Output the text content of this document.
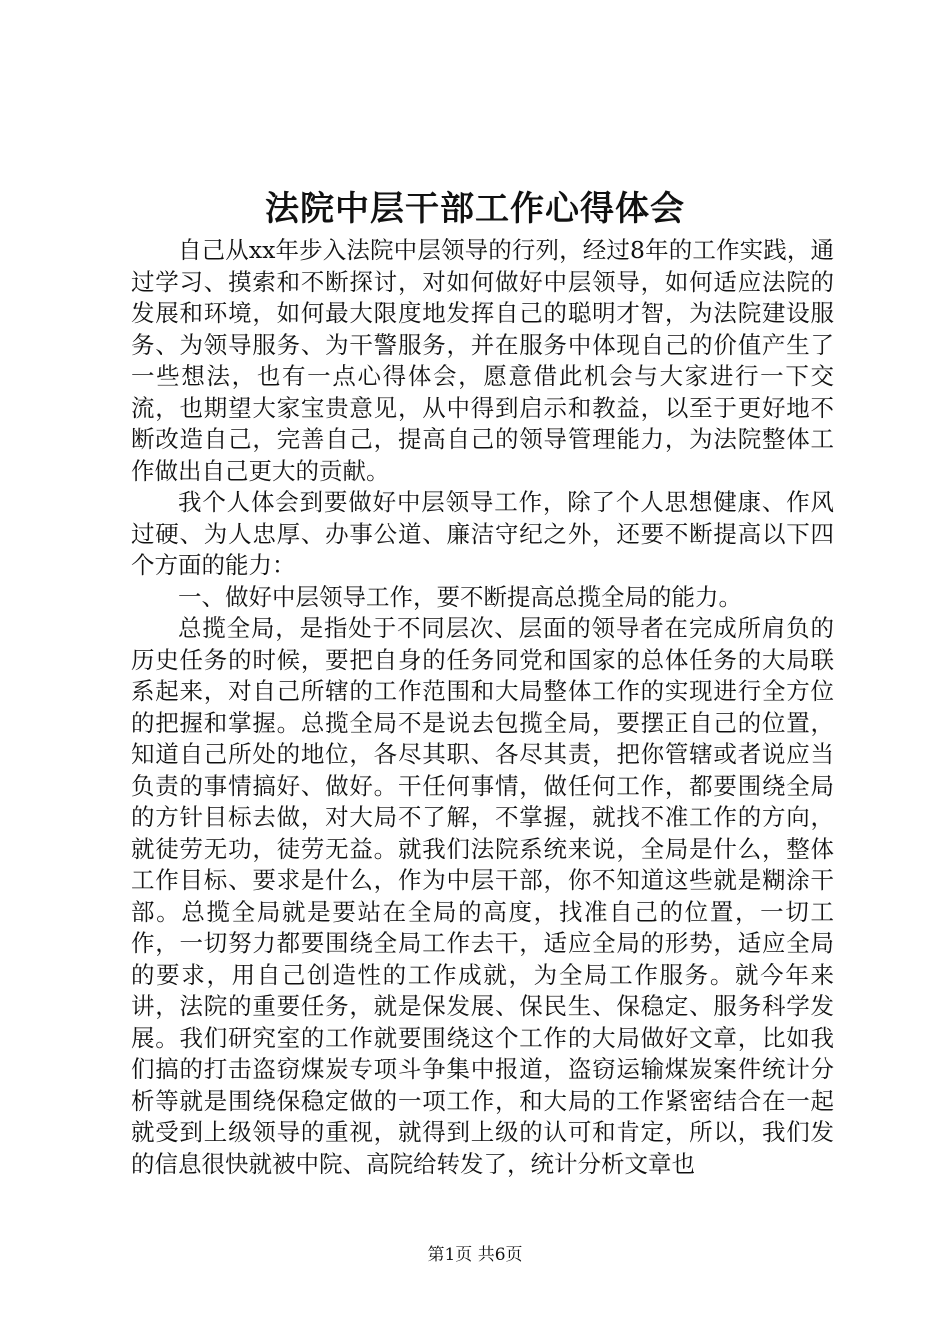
法院中层干部工作心得体会

自己从xx年步入法院中层领导的行列，经过8年的工作实践，通过学习、摸索和不断探讨，对如何做好中层领导，如何适应法院的发展和环境，如何最大限度地发挥自己的聪明才智，为法院建设服务、为领导服务、为干警服务，并在服务中体现自己的价值产生了一些想法，也有一点心得体会，愿意借此机会与大家进行一下交流，也期望大家宝贵意见，从中得到启示和教益，以至于更好地不断改造自己，完善自己，提高自己的领导管理能力，为法院整体工作做出自己更大的贡献。

我个人体会到要做好中层领导工作，除了个人思想健康、作风过硬、为人忠厚、办事公道、廉洁守纪之外，还要不断提高以下四个方面的能力：

一、做好中层领导工作，要不断提高总揽全局的能力。

总揽全局，是指处于不同层次、层面的领导者在完成所肩负的历史任务的时候，要把自身的任务同党和国家的总体任务的大局联系起来，对自己所辖的工作范围和大局整体工作的实现进行全方位的把握和掌握。总揽全局不是说去包揽全局，要摆正自己的位置，知道自己所处的地位，各尽其职、各尽其责，把你管辖或者说应当负责的事情搞好、做好。干任何事情，做任何工作，都要围绕全局的方针目标去做，对大局不了解，不掌握，就找不准工作的方向，就徒劳无功，徒劳无益。就我们法院系统来说，全局是什么，整体工作目标、要求是什么，作为中层干部，你不知道这些就是糊涂干部。总揽全局就是要站在全局的高度，找准自己的位置，一切工作，一切努力都要围绕全局工作去干，适应全局的形势，适应全局的要求，用自己创造性的工作成就，为全局工作服务。就今年来讲，法院的重要任务，就是保发展、保民生、保稳定、服务科学发展。我们研究室的工作就要围绕这个工作的大局做好文章，比如我们搞的打击盗窃煤炭专项斗争集中报道，盗窃运输煤炭案件统计分析等就是围绕保稳定做的一项工作，和大局的工作紧密结合在一起就受到上级领导的重视，就得到上级的认可和肯定，所以，我们发的信息很快就被中院、高院给转发了，统计分析文章也

第1页 共6页
